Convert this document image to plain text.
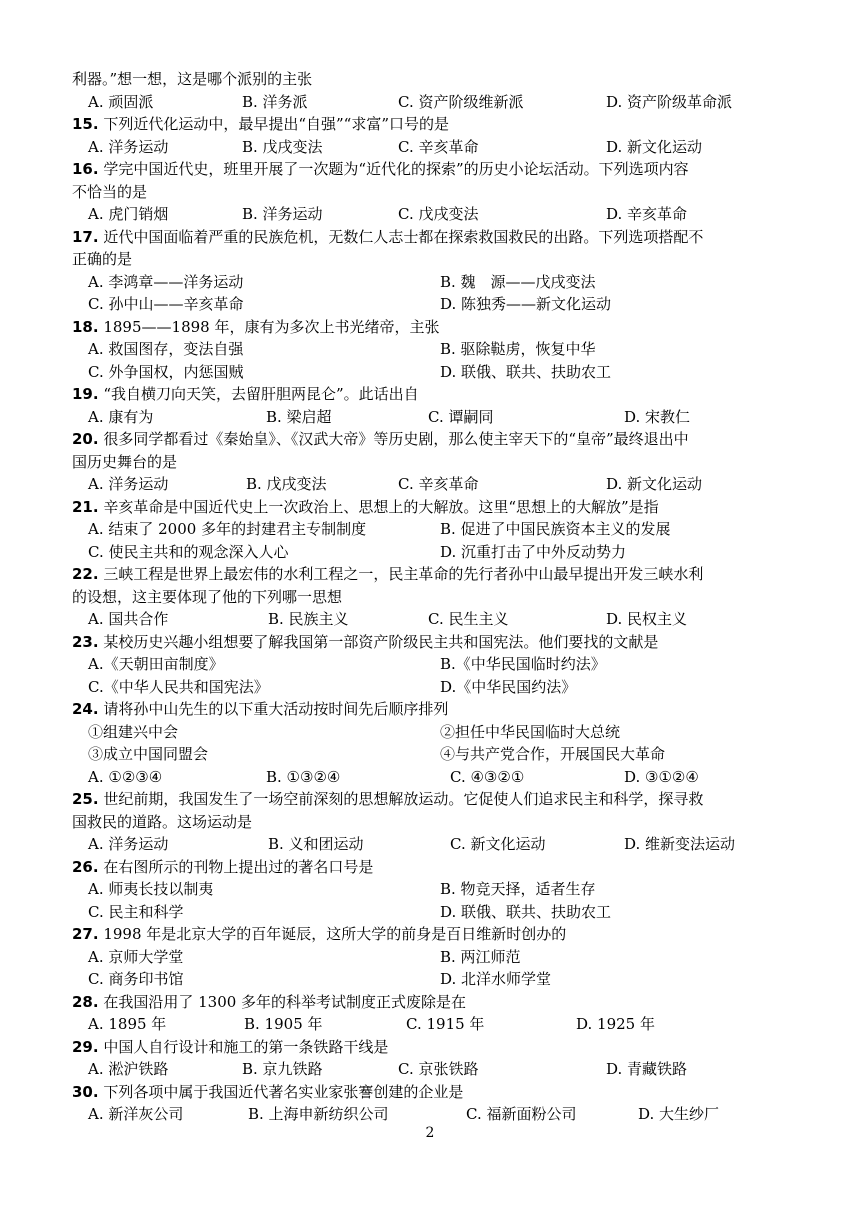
利器。”想一想，这是哪个派别的主张
A. 顽固派	B. 洋务派	C. 资产阶级维新派	D. 资产阶级革命派
15. 下列近代化运动中，最早提出“自强”“求富”口号的是
A. 洋务运动	B. 戊戌变法	C. 辛亥革命	D. 新文化运动
16. 学完中国近代史，班里开展了一次题为“近代化的探索”的历史小论坛活动。下列选项内容
不恰当的是
A. 虎门销烟	B. 洋务运动	C. 戊戌变法	D. 辛亥革命
17. 近代中国面临着严重的民族危机，无数仁人志士都在探索救国救民的出路。下列选项搭配不
正确的是
A. 李鸿章——洋务运动	B. 魏　源——戊戌变法
C. 孙中山——辛亥革命	D. 陈独秀——新文化运动
18. 1895——1898 年，康有为多次上书光绪帝，主张
A. 救国图存，变法自强	B. 驱除鞑虏，恢复中华
C. 外争国权，内惩国贼	D. 联俄、联共、扶助农工
19. “我自横刀向天笑，去留肝胆两昆仑”。此话出自
A. 康有为	B. 梁启超	C. 谭嗣同	D. 宋教仁
20. 很多同学都看过《秦始皇》、《汉武大帝》等历史剧，那么使主宰天下的“皇帝”最终退出中
国历史舞台的是
A. 洋务运动	B. 戊戌变法	C. 辛亥革命	D. 新文化运动
21. 辛亥革命是中国近代史上一次政治上、思想上的大解放。这里“思想上的大解放”是指
A. 结束了 2000 多年的封建君主专制制度	B. 促进了中国民族资本主义的发展
C. 使民主共和的观念深入人心	D. 沉重打击了中外反动势力
22. 三峡工程是世界上最宏伟的水利工程之一，民主革命的先行者孙中山最早提出开发三峡水利
的设想，这主要体现了他的下列哪一思想
A. 国共合作	B. 民族主义	C. 民生主义	D. 民权主义
23. 某校历史兴趣小组想要了解我国第一部资产阶级民主共和国宪法。他们要找的文献是
A.《天朝田亩制度》	B.《中华民国临时约法》
C.《中华人民共和国宪法》	D.《中华民国约法》
24. 请将孙中山先生的以下重大活动按时间先后顺序排列
①组建兴中会	②担任中华民国临时大总统
③成立中国同盟会	④与共产党合作，开展国民大革命
A. ①②③④	B. ①③②④	C. ④③②①	D. ③①②④
25. 世纪前期，我国发生了一场空前深刻的思想解放运动。它促使人们追求民主和科学，探寻救
国救民的道路。这场运动是
A. 洋务运动	B. 义和团运动	C. 新文化运动	D. 维新变法运动
26. 在右图所示的刊物上提出过的著名口号是
A. 师夷长技以制夷	B. 物竞天择，适者生存
C. 民主和科学	D. 联俄、联共、扶助农工
27. 1998 年是北京大学的百年诞辰，这所大学的前身是百日维新时创办的
A. 京师大学堂	B. 两江师范
C. 商务印书馆	D. 北洋水师学堂
28. 在我国沿用了 1300 多年的科举考试制度正式废除是在
A. 1895 年	B. 1905 年	C. 1915 年	D. 1925 年
29. 中国人自行设计和施工的第一条铁路干线是
A. 淞沪铁路	B. 京九铁路	C. 京张铁路	D. 青藏铁路
30. 下列各项中属于我国近代著名实业家张謇创建的企业是
A. 新洋灰公司	B. 上海申新纺织公司	C. 福新面粉公司	D. 大生纱厂
2
